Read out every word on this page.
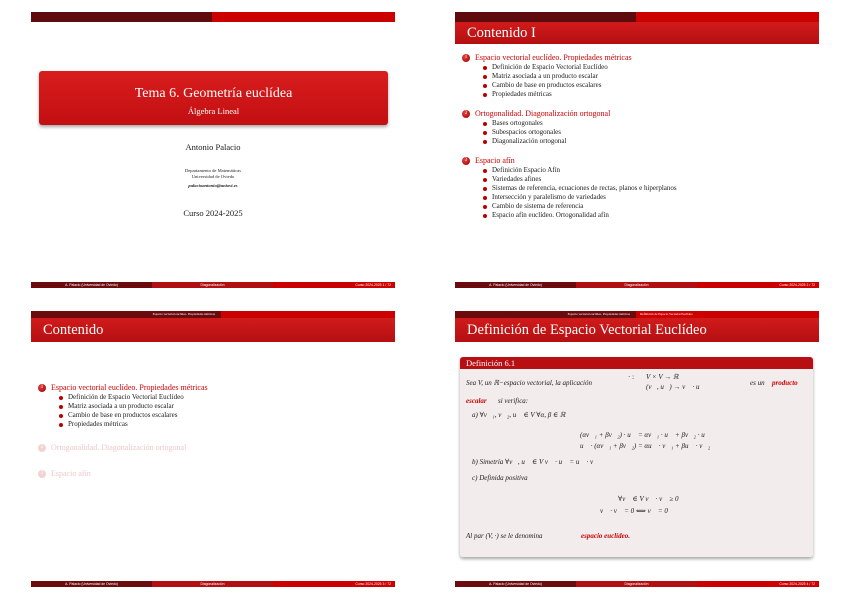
Tema 6. Geometría euclídea
Álgebra Lineal
Antonio Palacio
Departamento de Matemáticas
Universidad de Oviedo
palacioantonio@uniovi.es
Curso 2024-2025
A. Palacio (Universidad de Oviedo)	Diagonalización	Curso 2024-2025 1 / 72
Contenido I
1 Espacio vectorial euclídeo. Propiedades métricas
Definición de Espacio Vectorial Euclídeo
Matriz asociada a un producto escalar
Cambio de base en productos escalares
Propiedades métricas
2 Ortogonalidad. Diagonalización ortogonal
Bases ortogonales
Subespacios ortogonales
Diagonalización ortogonal
3 Espacio afín
Definición Espacio Afín
Variedades afines
Sistemas de referencia, ecuaciones de rectas, planos e hiperplanos
Intersección y paralelismo de variedades
Cambio de sistema de referencia
Espacio afín euclídeo. Ortogonalidad afín
A. Palacio (Universidad de Oviedo)	Diagonalización	Curso 2024-2025 2 / 72
Espacio vectorial euclídeo. Propiedades métricas
Contenido
1 Espacio vectorial euclídeo. Propiedades métricas
Definición de Espacio Vectorial Euclídeo
Matriz asociada a un producto escalar
Cambio de base en productos escalares
Propiedades métricas
2 Ortogonalidad. Diagonalización ortogonal
3 Espacio afín
A. Palacio (Universidad de Oviedo)	Diagonalización	Curso 2024-2025 3 / 72
Espacio vectorial euclídeo. Propiedades métricas	Definición de Espacio Vectorial Euclídeo
Definición de Espacio Vectorial Euclídeo
Definición 6.1
Sea V, un ℝ−espacio vectorial, la aplicación
· : V × V → ℝ
(v⃗, u⃗) → v⃗ · u⃗	es un producto
escalar si verifica:
a) ∀v⃗₁, v⃗₂, u⃗ ∈ V ∀α, β ∈ ℝ
(αv⃗₁ + βv⃗₂) · u⃗ = αv⃗₁ · u⃗ + βv⃗₂ · u⃗
u⃗ · (αv⃗₁ + βv⃗₂) = αu⃗ · v⃗₁ + βu⃗ · v⃗₂
b) Simetría ∀v⃗, u⃗ ∈ V v⃗ · u⃗ = u⃗ · v⃗
c) Definida positiva
∀v⃗ ∈ V v⃗ · v⃗ ≥ 0
v⃗ · v⃗ = 0 ⟺ v⃗ = 0⃗
Al par (V, ·) se le denomina	espacio euclídeo.
A. Palacio (Universidad de Oviedo)	Diagonalización	Curso 2024-2025 4 / 72
